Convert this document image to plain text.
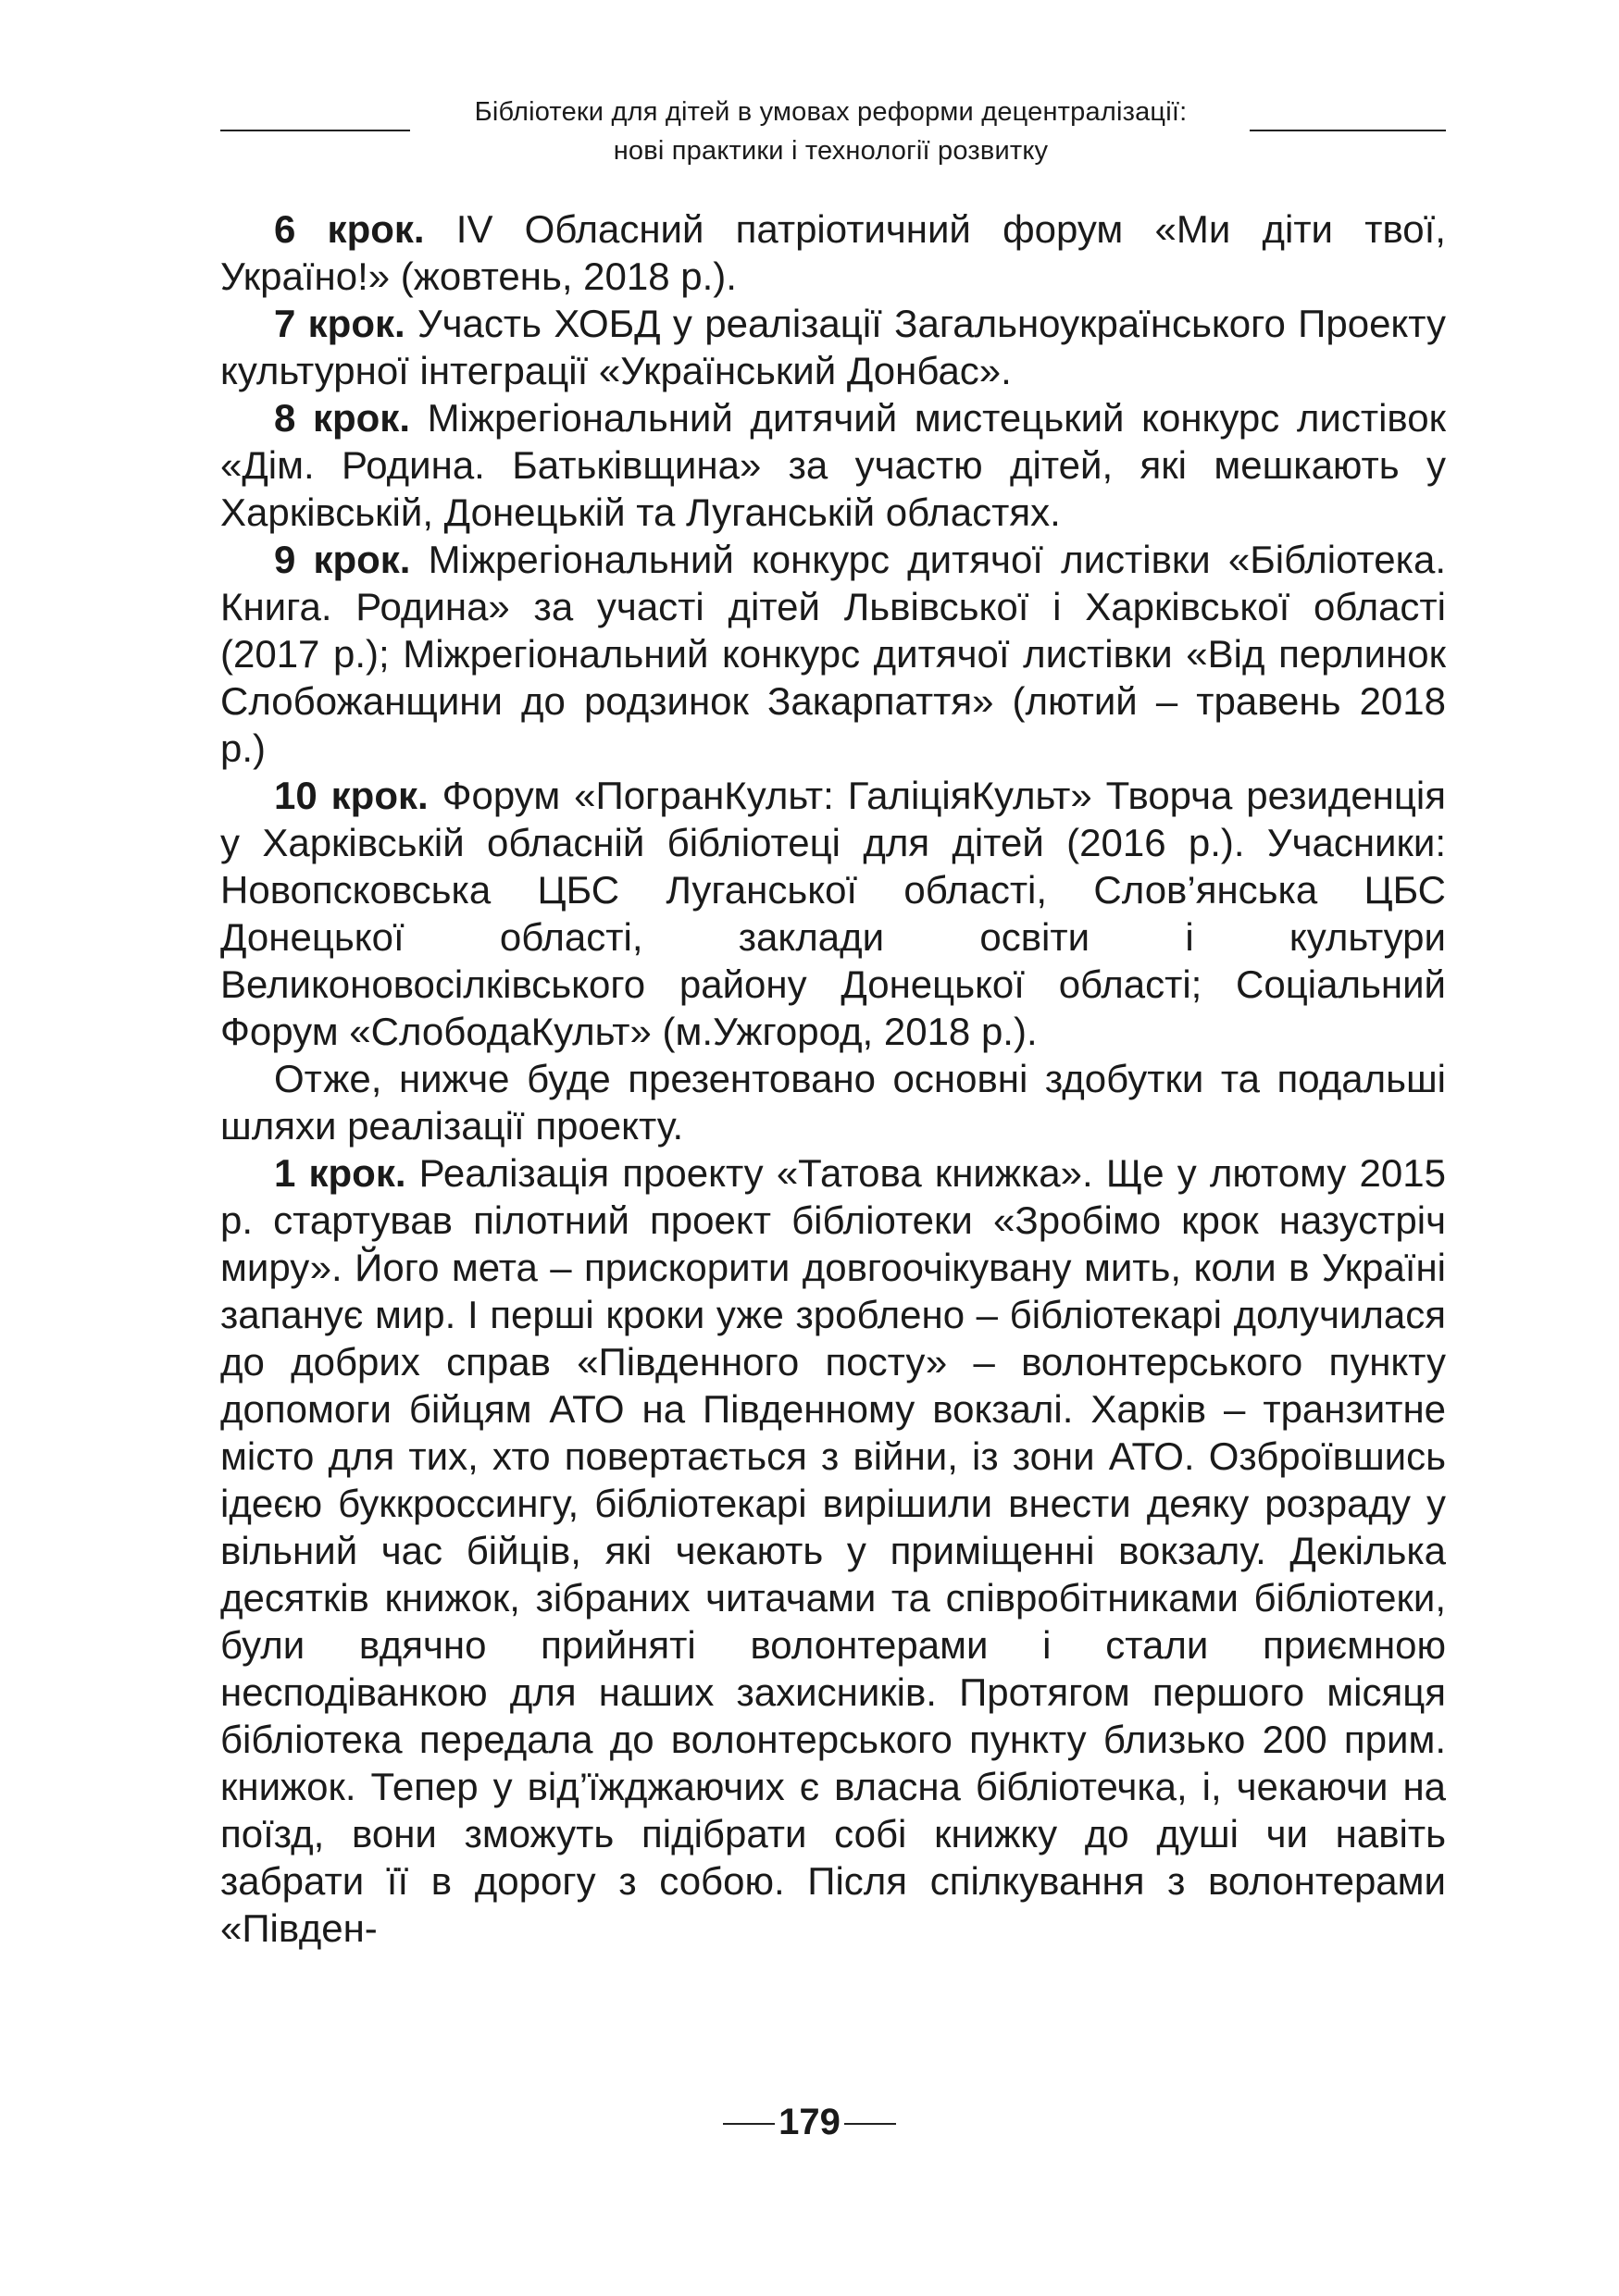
Бібліотеки для дітей в умовах реформи децентралізації:
нові практики і технології розвитку

6 крок. IV Обласний патріотичний форум «Ми діти твої, Україно!» (жовтень, 2018 р.).

7 крок. Участь ХОБД у реалізації Загальноукраїнського Проекту культурної інтеграції «Український Донбас».

8 крок. Міжрегіональний дитячий мистецький конкурс листівок «Дім. Родина. Батьківщина» за участю дітей, які мешкають у Харківській, Донецькій та Луганській областях.

9 крок. Міжрегіональний конкурс дитячої листівки «Бібліотека. Книга. Родина» за участі дітей Львівської і Харківської області (2017 р.); Міжрегіональний конкурс дитячої листівки «Від перлинок Слобожанщини до родзинок Закарпаття» (лютий – травень 2018 р.)

10 крок. Форум «ПогранКульт: ГаліціяКульт» Творча резиденція у Харківській обласній бібліотеці для дітей (2016 р.). Учасники: Новопсковська ЦБС Луганської області, Слов’янська ЦБС Донецької області, заклади освіти і культури Великоновосілківського району Донецької області; Соціальний Форум «СлободаКульт» (м.Ужгород, 2018 р.).

Отже, нижче буде презентовано основні здобутки та подальші шляхи реалізації проекту.

1 крок. Реалізація проекту «Татова книжка». Ще у лютому 2015 р. стартував пілотний проект бібліотеки «Зробімо крок назустріч миру». Його мета – прискорити довгоочікувану мить, коли в Україні запанує мир. І перші кроки уже зроблено – бібліотекарі долучилася до добрих справ «Південного посту» – волонтерського пункту допомоги бійцям АТО на Південному вокзалі. Харків – транзитне місто для тих, хто повертається з війни, із зони АТО. Озброївшись ідеєю буккроссингу, бібліотекарі вирішили внести деяку розраду у вільний час бійців, які чекають у приміщенні вокзалу. Декілька десятків книжок, зібраних читачами та співробітниками бібліотеки, були вдячно прийняті волонтерами і стали приємною несподіванкою для наших захисників. Протягом першого місяця бібліотека передала до волонтерського пункту близько 200 прим. книжок. Тепер у від’їжджаючих є власна бібліотечка, і, чекаючи на поїзд, вони зможуть підібрати собі книжку до душі чи навіть забрати її в дорогу з собою. Після спілкування з волонтерами «Півден-

179
